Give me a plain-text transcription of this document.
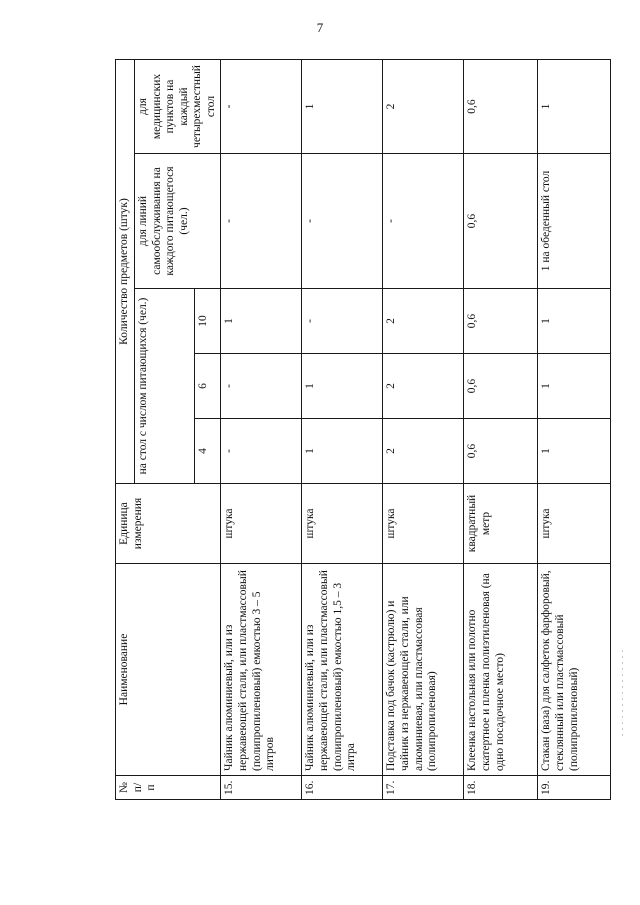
7
№ п/п	Наименование	Единица измерения	Количество предметов (штук)				
			на стол с числом питающихся (чел.)			для линий самообслуживания на каждого питающегося (чел.)	для медицинских пунктов на каждый четырехместный стол
			4	6	10		
15.	Чайник алюминиевый, или из нержавеющей стали, или пластмассовый (полипропиленовый) емкостью 3 – 5 литров	штука	-	-	1	-	-
16.	Чайник алюминиевый, или из нержавеющей стали, или пластмассовый (полипропиленовый) емкостью 1,5 – 3 литра	штука	1	1	-	-	1
17.	Подставка под бачок (кастрюлю) и чайник из нержавеющей стали, или алюминиевая, или пластмассовая (полипропиленовая)	штука	2	2	2	-	2
18.	Клеенка настольная или полотно скатертное и пленка полиэтиленовая (на одно посадочное место)	квадратный метр	0,6	0,6	0,6	0,6	0,6
19.	Стакан (ваза) для салфеток фарфоровый, стеклянный или пластмассовый (полипропиленовый)	штука	1	1	1	1 на обеденный стол	1
